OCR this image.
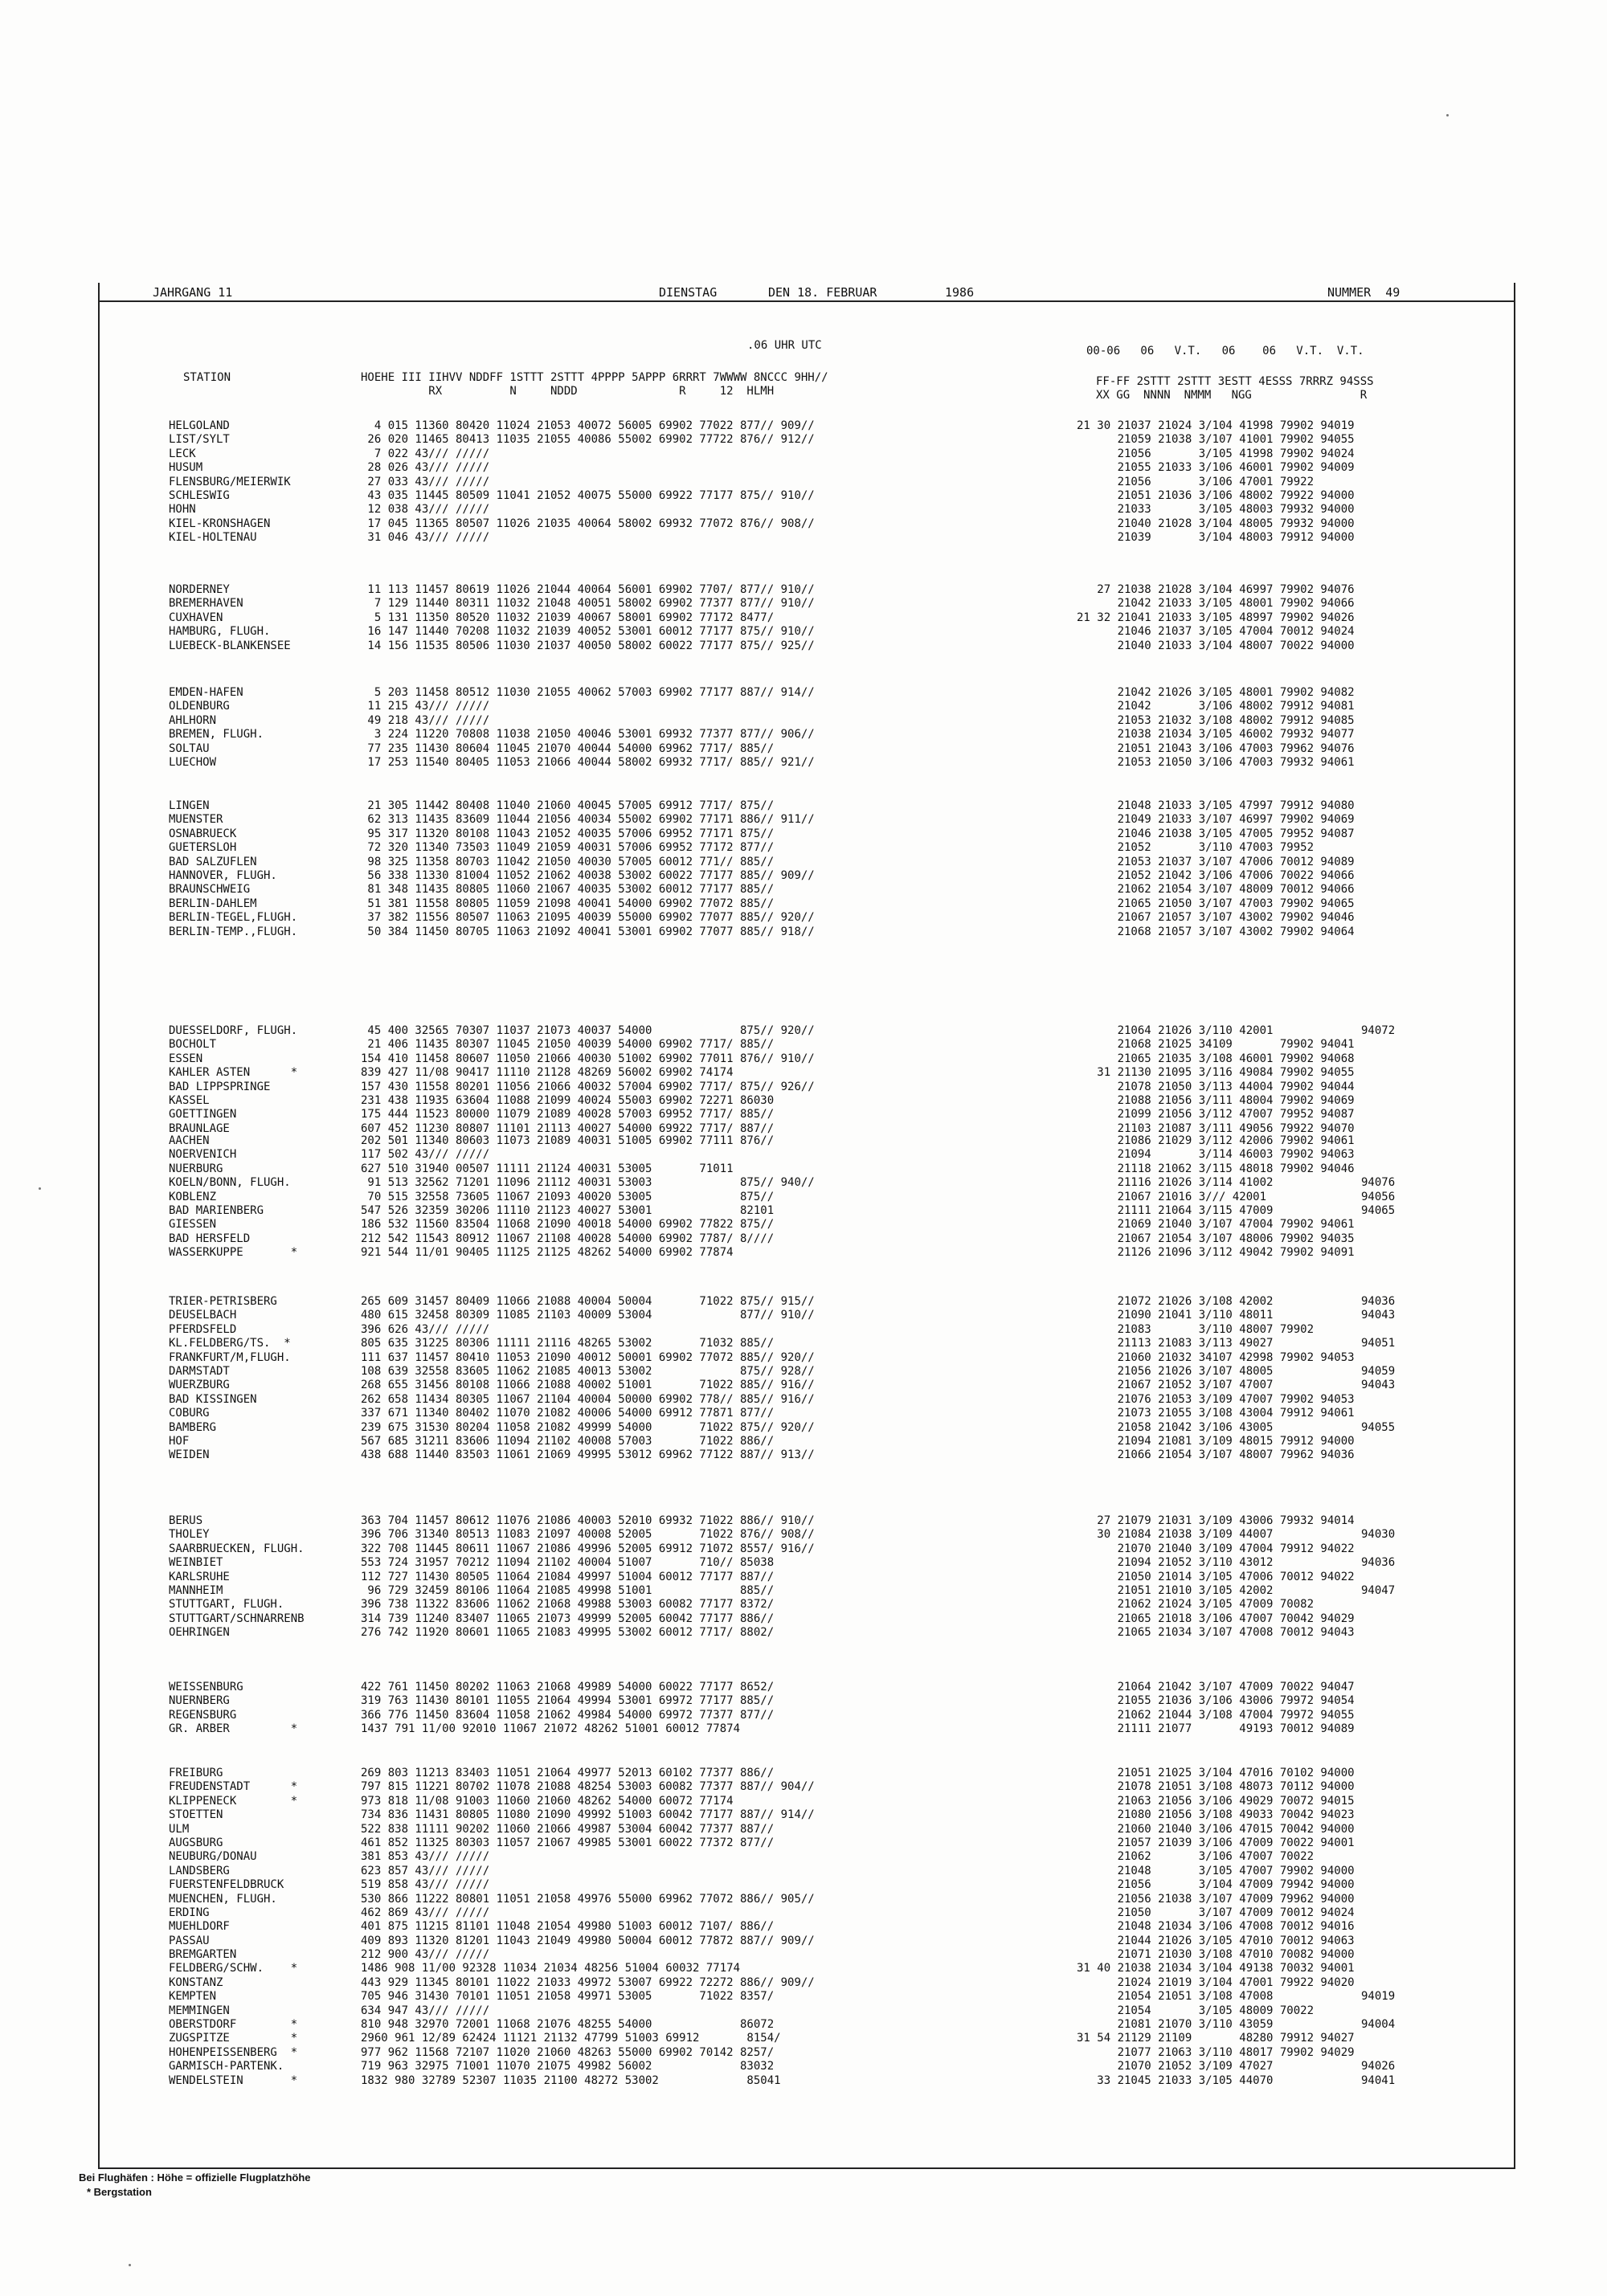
JAHRGANG 11	DIENSTAG	DEN 18. FEBRUAR	1986	NUMMER  49
.06 UHR UTC	00-06   06   V.T.   06    06   V.T.  V.T.
STATION	HOEHE III IIHVV NDDFF 1STTT 2STTT 4PPPP 5APPP 6RRRT 7WWWW 8NCCC 9HH//
RX          N     NDDD               R     12  HLMH
FF-FF 2STTT 2STTT 3ESTT 4ESSS 7RRRZ 94SSS
XX GG  NNNN  NMMM   NGG                R
HELGOLAND	4 015 11360 80420 11024 21053 40072 56005 69902 77022 877// 909//	21 30 21037 21024 3/104 41998 79902 94019
LIST/SYLT	26 020 11465 80413 11035 21055 40086 55002 69902 77722 876// 912//	21059 21038 3/107 41001 79902 94055
LECK	7 022 43/// /////	21056       3/105 41998 79902 94024
HUSUM	28 026 43/// /////	21055 21033 3/106 46001 79902 94009
FLENSBURG/MEIERWIK	27 033 43/// /////	21056       3/106 47001 79922
SCHLESWIG	43 035 11445 80509 11041 21052 40075 55000 69922 77177 875// 910//	21051 21036 3/106 48002 79922 94000
HOHN	12 038 43/// /////	21033       3/105 48003 79932 94000
KIEL-KRONSHAGEN	17 045 11365 80507 11026 21035 40064 58002 69932 77072 876// 908//	21040 21028 3/104 48005 79932 94000
KIEL-HOLTENAU	31 046 43/// /////	21039       3/104 48003 79912 94000
NORDERNEY	11 113 11457 80619 11026 21044 40064 56001 69902 7707/ 877// 910//	27 21038 21028 3/104 46997 79902 94076
BREMERHAVEN	7 129 11440 80311 11032 21048 40051 58002 69902 77377 877// 910//	21042 21033 3/105 48001 79902 94066
CUXHAVEN	5 131 11350 80520 11032 21039 40067 58001 69902 77172 8477/	21 32 21041 21033 3/105 48997 79902 94026
HAMBURG, FLUGH.	16 147 11440 70208 11032 21039 40052 53001 60012 77177 875// 910//	21046 21037 3/105 47004 70012 94024
LUEBECK-BLANKENSEE	14 156 11535 80506 11030 21037 40050 58002 60022 77177 875// 925//	21040 21033 3/104 48007 70022 94000
EMDEN-HAFEN	5 203 11458 80512 11030 21055 40062 57003 69902 77177 887// 914//	21042 21026 3/105 48001 79902 94082
OLDENBURG	11 215 43/// /////	21042       3/106 48002 79912 94081
AHLHORN	49 218 43/// /////	21053 21032 3/108 48002 79912 94085
BREMEN, FLUGH.	3 224 11220 70808 11038 21050 40046 53001 69932 77377 877// 906//	21038 21034 3/105 46002 79932 94077
SOLTAU	77 235 11430 80604 11045 21070 40044 54000 69962 7717/ 885//	21051 21043 3/106 47003 79962 94076
LUECHOW	17 253 11540 80405 11053 21066 40044 58002 69932 7717/ 885// 921//	21053 21050 3/106 47003 79932 94061
LINGEN	21 305 11442 80408 11040 21060 40045 57005 69912 7717/ 875//	21048 21033 3/105 47997 79912 94080
MUENSTER	62 313 11435 83609 11044 21056 40034 55002 69902 77171 886// 911//	21049 21033 3/107 46997 79902 94069
OSNABRUECK	95 317 11320 80108 11043 21052 40035 57006 69952 77171 875//	21046 21038 3/105 47005 79952 94087
GUETERSLOH	72 320 11340 73503 11049 21059 40031 57006 69952 77172 877//	21052       3/110 47003 79952
BAD SALZUFLEN	98 325 11358 80703 11042 21050 40030 57005 60012 771// 885//	21053 21037 3/107 47006 70012 94089
HANNOVER, FLUGH.	56 338 11330 81004 11052 21062 40038 53002 60022 77177 885// 909//	21052 21042 3/106 47006 70022 94066
BRAUNSCHWEIG	81 348 11435 80805 11060 21067 40035 53002 60012 77177 885//	21062 21054 3/107 48009 70012 94066
BERLIN-DAHLEM	51 381 11558 80805 11059 21098 40041 54000 69902 77072 885//	21065 21050 3/107 47003 79902 94065
BERLIN-TEGEL,FLUGH.	37 382 11556 80507 11063 21095 40039 55000 69902 77077 885// 920//	21067 21057 3/107 43002 79902 94046
BERLIN-TEMP.,FLUGH.	50 384 11450 80705 11063 21092 40041 53001 69902 77077 885// 918//	21068 21057 3/107 43002 79902 94064
DUESSELDORF, FLUGH.	45 400 32565 70307 11037 21073 40037 54000             875// 920//	21064 21026 3/110 42001             94072
BOCHOLT	21 406 11435 80307 11045 21050 40039 54000 69902 7717/ 885//	21068 21025 34109       79902 94041
ESSEN	154 410 11458 80607 11050 21066 40030 51002 69902 77011 876// 910//	21065 21035 3/108 46001 79902 94068
KAHLER ASTEN      *	839 427 11/08 90417 11110 21128 48269 56002 69902 74174	31 21130 21095 3/116 49084 79902 94055
BAD LIPPSPRINGE	157 430 11558 80201 11056 21066 40032 57004 69902 7717/ 875// 926//	21078 21050 3/113 44004 79902 94044
KASSEL	231 438 11935 63604 11088 21099 40024 55003 69902 72271 86030	21088 21056 3/111 48004 79902 94069
GOETTINGEN	175 444 11523 80000 11079 21089 40028 57003 69952 7717/ 885//	21099 21056 3/112 47007 79952 94087
BRAUNLAGE	607 452 11230 80807 11101 21113 40027 54000 69922 7717/ 887//	21103 21087 3/111 49056 79922 94070
AACHEN	202 501 11340 80603 11073 21089 40031 51005 69902 77111 876//	21086 21029 3/112 42006 79902 94061
NOERVENICH	117 502 43/// /////	21094       3/114 46003 79902 94063
NUERBURG	627 510 31940 00507 11111 21124 40031 53005       71011	21118 21062 3/115 48018 79902 94046
KOELN/BONN, FLUGH.	91 513 32562 71201 11096 21112 40031 53003             875// 940//	21116 21026 3/114 41002             94076
KOBLENZ	70 515 32558 73605 11067 21093 40020 53005             875//	21067 21016 3/// 42001              94056
BAD MARIENBERG	547 526 32359 30206 11110 21123 40027 53001             82101	21111 21064 3/115 47009             94065
GIESSEN	186 532 11560 83504 11068 21090 40018 54000 69902 77822 875//	21069 21040 3/107 47004 79902 94061
BAD HERSFELD	212 542 11543 80912 11067 21108 40028 54000 69902 7787/ 8////	21067 21054 3/107 48006 79902 94035
WASSERKUPPE       *	921 544 11/01 90405 11125 21125 48262 54000 69902 77874	21126 21096 3/112 49042 79902 94091
TRIER-PETRISBERG	265 609 31457 80409 11066 21088 40004 50004       71022 875// 915//	21072 21026 3/108 42002             94036
DEUSELBACH	480 615 32458 80309 11085 21103 40009 53004             877// 910//	21090 21041 3/110 48011             94043
PFERDSFELD	396 626 43/// /////	21083       3/110 48007 79902
KL.FELDBERG/TS.  *	805 635 31225 80306 11111 21116 48265 53002       71032 885//	21113 21083 3/113 49027             94051
FRANKFURT/M,FLUGH.	111 637 11457 80410 11053 21090 40012 50001 69902 77072 885// 920//	21060 21032 34107 42998 79902 94053
DARMSTADT	108 639 32558 83605 11062 21085 40013 53002             875// 928//	21056 21026 3/107 48005             94059
WUERZBURG	268 655 31456 80108 11066 21088 40002 51001       71022 885// 916//	21067 21052 3/107 47007             94043
BAD KISSINGEN	262 658 11434 80305 11067 21104 40004 50000 69902 778// 885// 916//	21076 21053 3/109 47007 79902 94053
COBURG	337 671 11340 80402 11070 21082 40006 54000 69912 77871 877//	21073 21055 3/108 43004 79912 94061
BAMBERG	239 675 31530 80204 11058 21082 49999 54000       71022 875// 920//	21058 21042 3/106 43005             94055
HOF	567 685 31211 83606 11094 21102 40008 57003       71022 886//	21094 21081 3/109 48015 79912 94000
WEIDEN	438 688 11440 83503 11061 21069 49995 53012 69962 77122 887// 913//	21066 21054 3/107 48007 79962 94036
BERUS	363 704 11457 80612 11076 21086 40003 52010 69932 71022 886// 910//	27 21079 21031 3/109 43006 79932 94014
THOLEY	396 706 31340 80513 11083 21097 40008 52005       71022 876// 908//	30 21084 21038 3/109 44007             94030
SAARBRUECKEN, FLUGH.	322 708 11445 80611 11067 21086 49996 52005 69912 71072 8557/ 916//	21070 21040 3/109 47004 79912 94022
WEINBIET	553 724 31957 70212 11094 21102 40004 51007       710// 85038	21094 21052 3/110 43012             94036
KARLSRUHE	112 727 11430 80505 11064 21084 49997 51004 60012 77177 887//	21050 21014 3/105 47006 70012 94022
MANNHEIM	96 729 32459 80106 11064 21085 49998 51001             885//	21051 21010 3/105 42002             94047
STUTTGART, FLUGH.	396 738 11322 83606 11062 21068 49988 53003 60082 77177 8372/	21062 21024 3/105 47009 70082
STUTTGART/SCHNARRENB	314 739 11240 83407 11065 21073 49999 52005 60042 77177 886//	21065 21018 3/106 47007 70042 94029
OEHRINGEN	276 742 11920 80601 11065 21083 49995 53002 60012 7717/ 8802/	21065 21034 3/107 47008 70012 94043
WEISSENBURG	422 761 11450 80202 11063 21068 49989 54000 60022 77177 8652/	21064 21042 3/107 47009 70022 94047
NUERNBERG	319 763 11430 80101 11055 21064 49994 53001 69972 77177 885//	21055 21036 3/106 43006 79972 94054
REGENSBURG	366 776 11450 83604 11058 21062 49984 54000 69972 77377 877//	21062 21044 3/108 47004 79972 94055
GR. ARBER         *	1437 791 11/00 92010 11067 21072 48262 51001 60012 77874	21111 21077       49193 70012 94089
FREIBURG	269 803 11213 83403 11051 21064 49977 52013 60102 77377 886//	21051 21025 3/104 47016 70102 94000
FREUDENSTADT      *	797 815 11221 80702 11078 21088 48254 53003 60082 77377 887// 904//	21078 21051 3/108 48073 70112 94000
KLIPPENECK        *	973 818 11/08 91003 11060 21060 48262 54000 60072 77174	21063 21056 3/106 49029 70072 94015
STOETTEN	734 836 11431 80805 11080 21090 49992 51003 60042 77177 887// 914//	21080 21056 3/108 49033 70042 94023
ULM	522 838 11111 90202 11060 21066 49987 53004 60042 77377 887//	21060 21040 3/106 47015 70042 94000
AUGSBURG	461 852 11325 80303 11057 21067 49985 53001 60022 77372 877//	21057 21039 3/106 47009 70022 94001
NEUBURG/DONAU	381 853 43/// /////	21062       3/106 47007 70022
LANDSBERG	623 857 43/// /////	21048       3/105 47007 79902 94000
FUERSTENFELDBRUCK	519 858 43/// /////	21056       3/104 47009 79942 94000
MUENCHEN, FLUGH.	530 866 11222 80801 11051 21058 49976 55000 69962 77072 886// 905//	21056 21038 3/107 47009 79962 94000
ERDING	462 869 43/// /////	21050       3/107 47009 70012 94024
MUEHLDORF	401 875 11215 81101 11048 21054 49980 51003 60012 7107/ 886//	21048 21034 3/106 47008 70012 94016
PASSAU	409 893 11320 81201 11043 21049 49980 50004 60012 77872 887// 909//	21044 21026 3/105 47010 70012 94063
BREMGARTEN	212 900 43/// /////	21071 21030 3/108 47010 70082 94000
FELDBERG/SCHW.    *	1486 908 11/00 92328 11034 21034 48256 51004 60032 77174	31 40 21038 21034 3/104 49138 70032 94001
KONSTANZ	443 929 11345 80101 11022 21033 49972 53007 69922 72272 886// 909//	21024 21019 3/104 47001 79922 94020
KEMPTEN	705 946 31430 70101 11051 21058 49971 53005       71022 8357/	21054 21051 3/108 47008             94019
MEMMINGEN	634 947 43/// /////	21054       3/105 48009 70022
OBERSTDORF        *	810 948 32970 72001 11068 21076 48255 54000             86072	21081 21070 3/110 43059             94004
ZUGSPITZE         *	2960 961 12/89 62424 11121 21132 47799 51003 69912       8154/	31 54 21129 21109       48280 79912 94027
HOHENPEISSENBERG  *	977 962 11568 72107 11020 21060 48263 55000 69902 70142 8257/	21077 21063 3/110 48017 79902 94029
GARMISCH-PARTENK.	719 963 32975 71001 11070 21075 49982 56002             83032	21070 21052 3/109 47027             94026
WENDELSTEIN       *	1832 980 32789 52307 11035 21100 48272 53002             85041	33 21045 21033 3/105 44070             94041
Bei Flughäfen : Höhe = offizielle Flugplatzhöhe
* Bergstation
